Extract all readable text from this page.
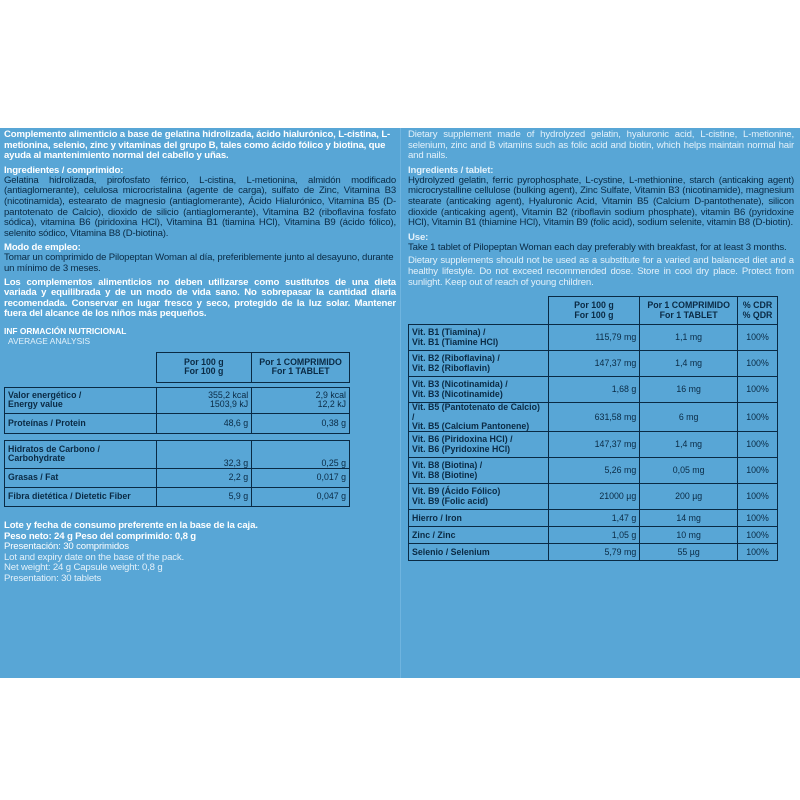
Complemento alimenticio a base de gelatina hidrolizada, ácido hialurónico, L-cistina, L-metionina, selenio, zinc y vitaminas del grupo B, tales como ácido fólico y biotina, que ayuda al mantenimiento normal del cabello y uñas.

Ingredientes / comprimido:

Gelatina hidrolizada, pirofosfato férrico, L-cistina, L-metionina, almidón modificado (antiaglomerante), celulosa microcristalina (agente de carga), sulfato de Zinc, Vitamina B3 (nicotinamida), estearato de magnesio (antiaglomerante), Ácido Hialurónico, Vitamina B5 (D-pantotenato de Calcio), dioxido de silicio (antiaglomerante), Vitamina B2 (riboflavina fosfato sódica), vitamina B6 (piridoxina HCl), Vitamina B1 (tiamina HCl), Vitamina B9 (ácido fólico), selenito sódico, Vitamina B8 (D-biotina).

Modo de empleo:

Tomar un comprimido de Pilopeptan Woman al día, preferiblemente junto al desayuno, durante un mínimo de 3 meses.

Los complementos alimenticios no deben utilizarse como sustitutos de una dieta variada y equilibrada y de un modo de vida sano. No sobrepasar la cantidad diaria recomendada. Conservar en lugar fresco y seco, protegido de la luz solar. Mantener fuera del alcance de los niños más pequeños.

INF ORMACIÓN NUTRICIONAL
AVERAGE ANALYSIS
	Por 100 g
For 100 g	Por 1 COMPRIMIDO
For 1 TABLET

Valor energético /
Energy value	355,2 kcal
1503,9 kJ	2,9 kcal
12,2 kJ
Proteínas / Protein	48,6 g	0,38 g

Hidratos de Carbono /
Carbohydrate	32,3 g	0,25 g
Grasas / Fat	2,2 g	0,017 g
Fibra dietética / Dietetic Fiber	5,9 g	0,047 g

Lote y fecha de consumo preferente en la base de la caja.

Peso neto: 24 g Peso del comprimido: 0,8 g

Presentación: 30 comprimidos

Lot and expiry date on the base of the pack.

Net weight: 24 g Capsule weight: 0,8 g

Presentation: 30 tablets

Dietary supplement made of hydrolyzed gelatin, hyaluronic acid, L-cistine, L-metionine, selenium, zinc and B vitamins such as folic acid and biotin, which helps maintain normal hair and nails.

Ingredients / tablet:

Hydrolyzed gelatin, ferric pyrophosphate, L-cystine, L-methionine, starch (anticaking agent) microcrystalline cellulose (bulking agent), Zinc Sulfate, Vitamin B3 (nicotinamide), magnesium stearate (anticaking agent), Hyaluronic Acid, Vitamin B5 (Calcium D-pantothenate), silicon dioxide (anticaking agent), Vitamin B2 (riboflavin sodium phosphate), vitamin B6 (pyridoxine HCl), Vitamin B1 (thiamine HCl), Vitamin B9 (folic acid), sodium selenite, vitamin B8 (D-biotin).

Use:

Take 1 tablet of Pilopeptan Woman each day preferably with breakfast, for at least 3 months.

Dietary supplements should not be used as a substitute for a varied and balanced diet and a healthy lifestyle. Do not exceed recommended dose. Store in cool dry place. Protect from sunlight. Keep out of reach of young children.

	Por 100 g
For 100 g	Por 1 COMPRIMIDO
For 1 TABLET	% CDR
% QDR
Vit. B1 (Tiamina) /
Vit. B1 (Tiamine HCl)	115,79 mg	1,1 mg	100%
Vit. B2 (Riboflavina) /
Vit. B2 (Riboflavin)	147,37 mg	1,4 mg	100%
Vit. B3 (Nicotinamida) /
Vit. B3 (Nicotinamide)	1,68 g	16 mg	100%
Vit. B5 (Pantotenato de Calcio) /
Vit. B5 (Calcium Pantonene)	631,58 mg	6 mg	100%
Vit. B6 (Piridoxina HCl) /
Vit. B6 (Pyridoxine HCl)	147,37 mg	1,4 mg	100%
Vit. B8 (Biotina) /
Vit. B8 (Biotine)	5,26 mg	0,05 mg	100%
Vit. B9 (Ácido Fólico)
Vit. B9 (Folic acid)	21000 µg	200 µg	100%
Hierro / Iron	1,47 g	14 mg	100%
Zinc / Zinc	1,05 g	10 mg	100%
Selenio / Selenium	5,79 mg	55 µg	100%
